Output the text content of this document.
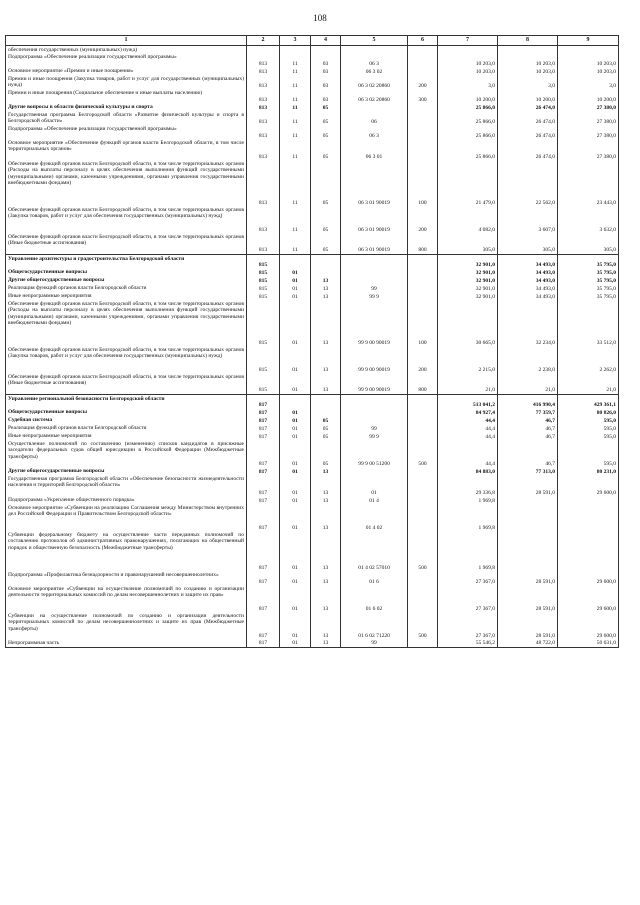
108
1	2	3	4	5	6	7	8	9
обеспечения государственных (муниципальных) нужд)								
Подпрограмма «Обеспечение реализации государственной программы»	813	11	03	06 3		10 203,0	10 203,0	10 203,0
Основное мероприятие «Премии и иные поощрения»	813	11	03	06 3 02		10 203,0	10 203,0	10 203,0
Премии и иные поощрения (Закупка товаров, работ и услуг для государственных (муниципальных) нужд)	813	11	03	06 3 02 20860	200	3,0	3,0	3,0
Премии и иные поощрения (Социальное обеспечение и иные выплаты населению)	813	11	03	06 3 02 20860	300	10 200,0	10 200,0	10 200,0
Другие вопросы в области физической культуры и спорта	813	11	05			25 866,0	26 474,0	27 380,0
Государственная программа Белгородской области «Развитие физической культуры и спорта в Белгородской области»	813	11	05	06		25 866,0	26 474,0	27 380,0
Подпрограмма «Обеспечение реализации государственной программы»	813	11	05	06 3		25 866,0	26 474,0	27 380,0
Основное мероприятие «Обеспечение функций органов власти Белгородской области, в том числе территориальных органов»	813	11	05	06 3 01		25 866,0	26 474,0	27 380,0
Обеспечение функций органов власти Белгородской области, в том числе территориальных органов (Расходы на выплаты персоналу в целях обеспечения выполнения функций государственными (муниципальными) органами, казенными учреждениями, органами управления государственными внебюджетными фондами)	813	11	05	06 3 01 90019	100	21 479,0	22 562,0	23 443,0
Обеспечение функций органов власти Белгородской области, в том числе территориальных органов (Закупка товаров, работ и услуг для обеспечения государственных (муниципальных) нужд)	813	11	05	06 3 01 90019	200	4 082,0	3 607,0	3 632,0
Обеспечение функций органов власти Белгородской области, в том числе территориальных органов (Иные бюджетные ассигнования)	813	11	05	06 3 01 90019	800	305,0	305,0	305,0
Управление архитектуры и градостроительства Белгородской области	815					32 901,0	34 493,0	35 795,0
Общегосударственные вопросы	815	01				32 901,0	34 493,0	35 795,0
Другие общегосударственные вопросы	815	01	13			32 901,0	34 493,0	35 795,0
Реализация функций органов власти Белгородской области	815	01	13	99		32 901,0	34 493,0	35 795,0
Иные непрограммные мероприятия	815	01	13	99 9		32 901,0	34 493,0	35 795,0
Обеспечение функций органов власти Белгородской области, в том числе территориальных органов (Расходы на выплаты персоналу в целях обеспечения выполнения функций государственными (муниципальными) органами, казенными учреждениями, органами управления государственными внебюджетными фондами)	815	01	13	99 9 00 90019	100	30 665,0	32 234,0	33 512,0
Обеспечение функций органов власти Белгородской области, в том числе территориальных органов (Закупка товаров, работ и услуг для обеспечения государственных (муниципальных) нужд)	815	01	13	99 9 00 90019	200	2 215,0	2 238,0	2 262,0
Обеспечение функций органов власти Белгородской области, в том числе территориальных органов (Иные бюджетные ассигнования)	815	01	13	99 9 00 90019	800	21,0	21,0	21,0
Управление региональной безопасности Белгородской области	817					513 041,2	416 990,4	429 361,1
Общегосударственные вопросы	817	01				84 927,4	77 359,7	80 826,0
Судебная система	817	01	05			44,4	46,7	595,0
Реализация функций органов власти Белгородской области	817	01	05	99		44,4	46,7	595,0
Иные непрограммные мероприятия	817	01	05	99 9		44,4	46,7	595,0
Осуществление полномочий по составлению (изменению) списков кандидатов в присяжные заседатели федеральных судов общей юрисдикции в Российской Федерации (Межбюджетные трансферты)	817	01	05	99 9 00 51200	500	44,4	46,7	595,0
Другие общегосударственные вопросы	817	01	13			84 883,0	77 313,0	80 231,0
Государственная программа Белгородской области «Обеспечение безопасности жизнедеятельности населения и территорий Белгородской области»	817	01	13	01		29 336,8	28 591,0	29 600,0
Подпрограмма «Укрепление общественного порядка»	817	01	13	01 4		1 969,8		
Основное мероприятие «Субвенции на реализацию Соглашения между Министерством внутренних дел Российской Федерации и Правительством Белгородской области»	817	01	13	01 4 02		1 969,8		
Субвенции федеральному бюджету на осуществление части переданных полномочий по составлению протоколов об административных правонарушениях, посягающих на общественный порядок и общественную безопасность (Межбюджетные трансферты)	817	01	13	01 4 02 57010	500	1 969,8		
Подпрограмма «Профилактика безнадзорности и правонарушений несовершеннолетних»	817	01	13	01 6		27 367,0	28 591,0	29 600,0
Основное мероприятие «Субвенции на осуществление полномочий по созданию и организации деятельности территориальных комиссий по делам несовершеннолетних и защите их прав»	817	01	13	01 6 02		27 367,0	28 591,0	29 600,0
Субвенции на осуществление полномочий по созданию и организации деятельности территориальных комиссий по делам несовершеннолетних и защите их прав (Межбюджетные трансферты)	817	01	13	01 6 02 71220	500	27 367,0	28 591,0	29 600,0
Непрограммная часть	817	01	13	99		55 546,2	48 722,0	50 631,0
